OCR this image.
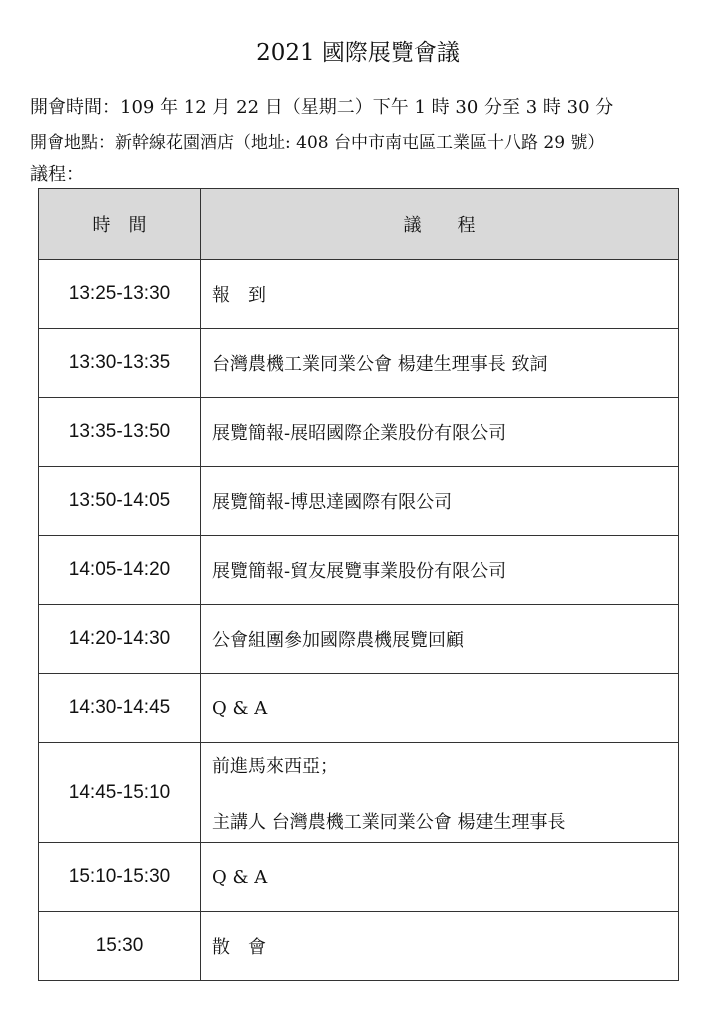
2021 國際展覽會議
開會時間：109 年 12 月 22 日（星期二）下午 1 時 30 分至 3 時 30 分
開會地點：新幹線花園酒店（地址: 408 台中市南屯區工業區十八路 29 號）
議程：
時　間	議　　程
13:25-13:30	報　到
13:30-13:35	台灣農機工業同業公會 楊建生理事長 致詞
13:35-13:50	展覽簡報-展昭國際企業股份有限公司
13:50-14:05	展覽簡報-博思達國際有限公司
14:05-14:20	展覽簡報-貿友展覽事業股份有限公司
14:20-14:30	公會組團參加國際農機展覽回顧
14:30-14:45	Q & A
14:45-15:10	前進馬來西亞；
主講人 台灣農機工業同業公會 楊建生理事長

15:10-15:30	Q & A
15:30	散　會
